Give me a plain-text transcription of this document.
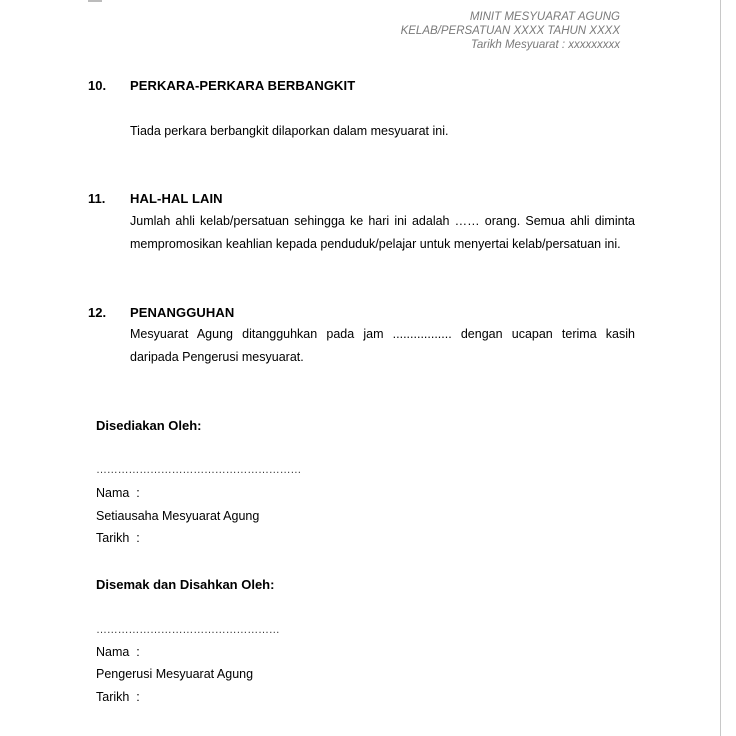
MINIT MESYUARAT AGUNG
KELAB/PERSATUAN XXXX TAHUN XXXX
Tarikh Mesyuarat : xxxxxxxxx
10. PERKARA-PERKARA BERBANGKIT
Tiada perkara berbangkit dilaporkan dalam mesyuarat ini.
11. HAL-HAL LAIN
Jumlah ahli kelab/persatuan sehingga ke hari ini adalah …… orang. Semua ahli diminta mempromosikan keahlian kepada penduduk/pelajar untuk menyertai kelab/persatuan ini.
12. PENANGGUHAN
Mesyuarat Agung ditangguhkan pada jam ................. dengan ucapan terima kasih daripada Pengerusi mesyuarat.
Disediakan Oleh:
…………………………………………………
Nama  :
Setiausaha Mesyuarat Agung
Tarikh  :
Disemak dan Disahkan Oleh:
……………………………………………
Nama  :
Pengerusi Mesyuarat Agung
Tarikh  :
